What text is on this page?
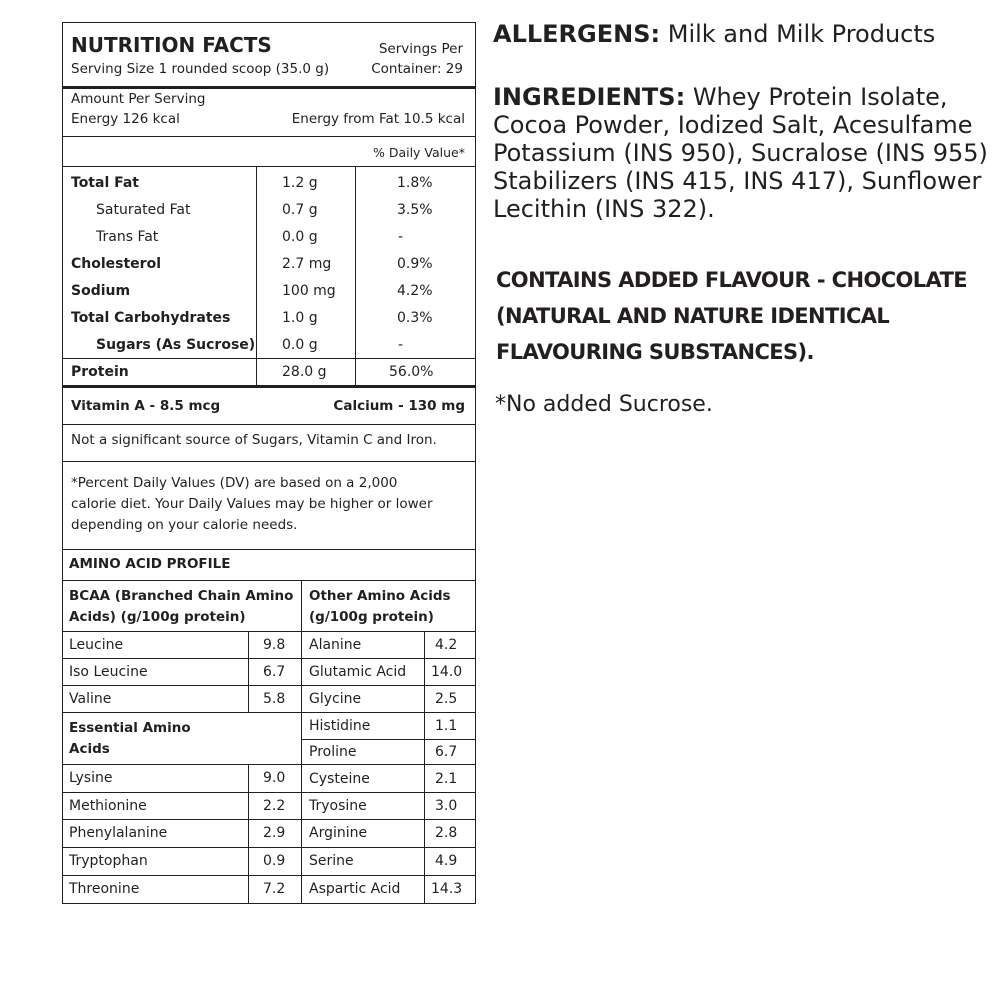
NUTRITION FACTS
Serving Size 1 rounded scoop (35.0 g)
Servings Per
Container: 29
Amount Per Serving
Energy 126 kcal	Energy from Fat 10.5 kcal
% Daily Value*
Total Fat	1.2 g	1.8%
Saturated Fat	0.7 g	3.5%
Trans Fat	0.0 g	-
Cholesterol	2.7 mg	0.9%
Sodium	100 mg	4.2%
Total Carbohydrates	1.0 g	0.3%
Sugars (As Sucrose) 0.0 g	-
Protein	28.0 g	56.0%
Vitamin A - 8.5 mcg	Calcium - 130 mg
Not a significant source of Sugars, Vitamin C and Iron.
*Percent Daily Values (DV) are based on a 2,000
calorie diet. Your Daily Values may be higher or lower
depending on your calorie needs.
AMINO ACID PROFILE
BCAA (Branched Chain Amino
Acids) (g/100g protein)
Other Amino Acids
(g/100g protein)
Leucine	9.8
Iso Leucine	6.7
Valine	5.8
Essential Amino
Acids
Lysine	9.0
Methionine	2.2
Phenylalanine	2.9
Tryptophan	0.9
Threonine	7.2
Alanine	4.2
Glutamic Acid 14.0
Glycine	2.5
Histidine	1.1
Proline	6.7
Cysteine	2.1
Tryosine	3.0
Arginine	2.8
Serine	4.9
Aspartic Acid 14.3
ALLERGENS: Milk and Milk Products

INGREDIENTS: Whey Protein Isolate,

Cocoa Powder, Iodized Salt, Acesulfame

Potassium (INS 950), Sucralose (INS 955)

Stabilizers (INS 415, INS 417), Sunflower

Lecithin (INS 322).

CONTAINS ADDED FLAVOUR - CHOCOLATE

(NATURAL AND NATURE IDENTICAL

FLAVOURING SUBSTANCES).

*No added Sucrose.
